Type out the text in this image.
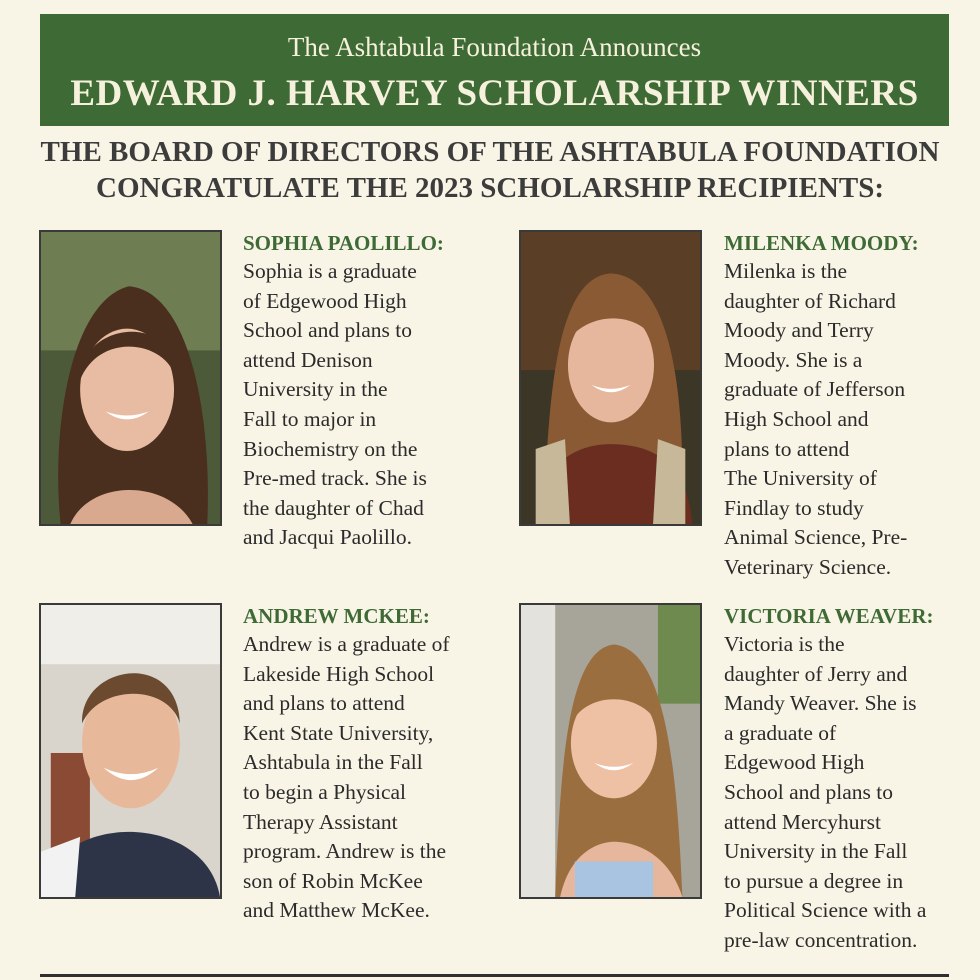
The Ashtabula Foundation Announces
EDWARD J. HARVEY SCHOLARSHIP WINNERS
THE BOARD OF DIRECTORS OF THE ASHTABULA FOUNDATION
CONGRATULATE THE 2023 SCHOLARSHIP RECIPIENTS:
SOPHIA PAOLILLO:
Sophia is a graduate
of Edgewood High
School and plans to
attend Denison
University in the
Fall to major in
Biochemistry on the
Pre-med track. She is
the daughter of Chad
and Jacqui Paolillo.
MILENKA MOODY:
Milenka is the
daughter of Richard
Moody and Terry
Moody. She is a
graduate of Jefferson
High School and
plans to attend
The University of
Findlay to study
Animal Science, Pre-
Veterinary Science.
ANDREW MCKEE:
Andrew is a graduate of
Lakeside High School
and plans to attend
Kent State University,
Ashtabula in the Fall
to begin a Physical
Therapy Assistant
program. Andrew is the
son of Robin McKee
and Matthew McKee.
VICTORIA WEAVER:
Victoria is the
daughter of Jerry and
Mandy Weaver. She is
a graduate of
Edgewood High
School and plans to
attend Mercyhurst
University in the Fall
to pursue a degree in
Political Science with a
pre-law concentration.
